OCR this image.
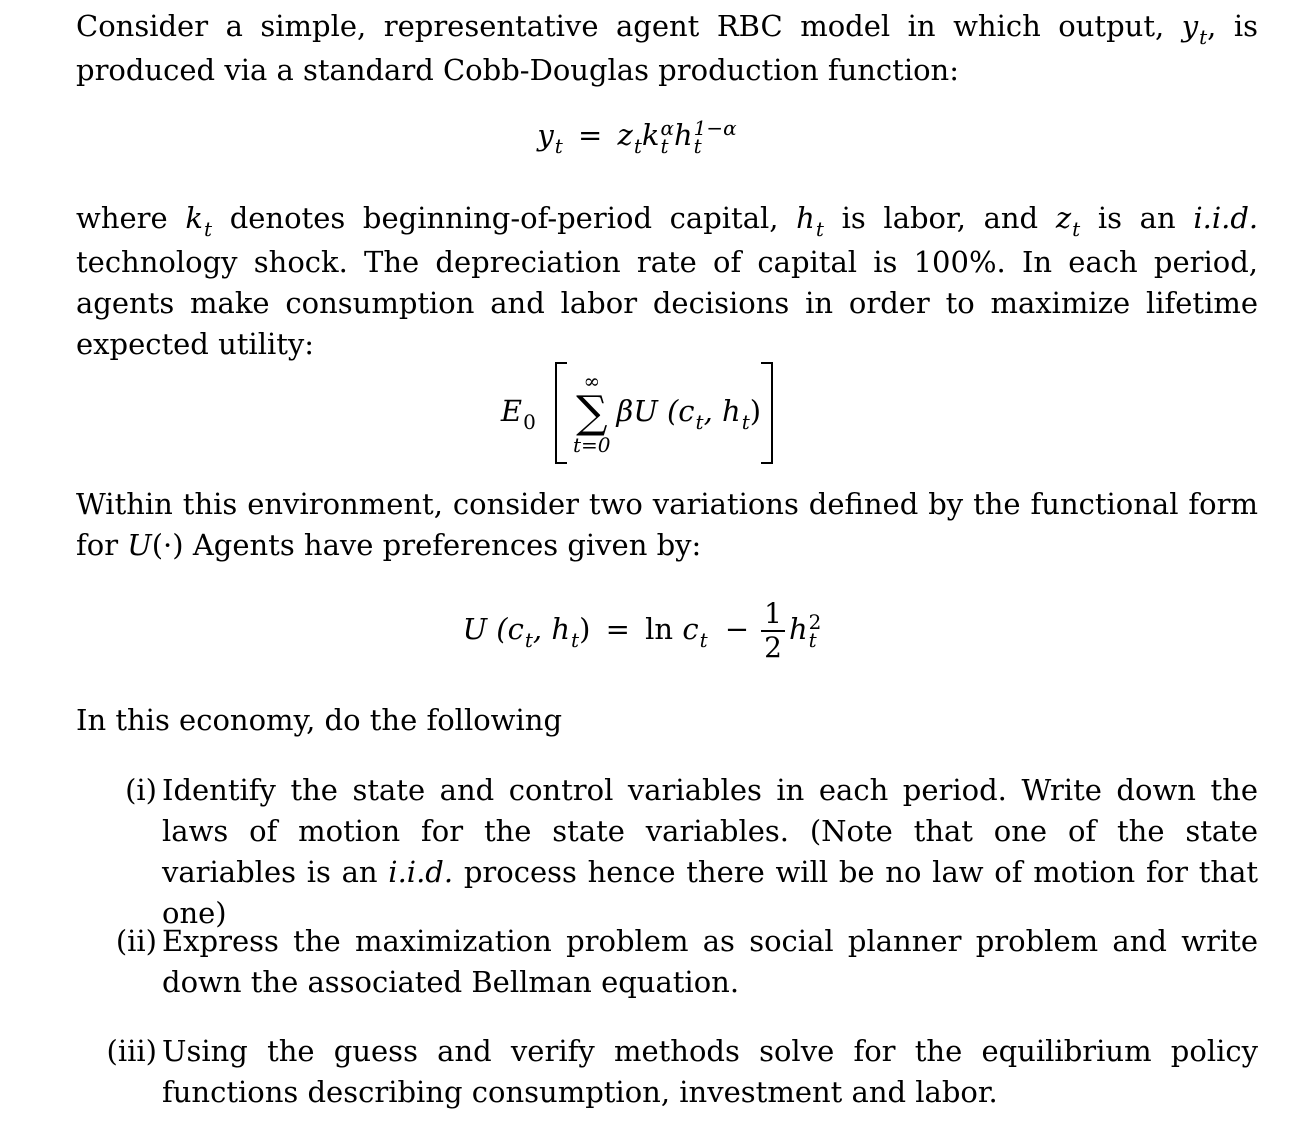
Consider a simple, representative agent RBC model in which output, $y_t$, is produced via a standard Cobb-Douglas production function:

$y_t = z_tk$ α
t h 1−α
t

where $k_t$ denotes beginning-of-period capital, $h_t$ is labor, and $z_t$ is an i.i.d. technology shock. The depreciation rate of capital is 100%. In each period, agents make consumption and labor decisions in order to maximize lifetime expected utility:

$E_0$
∞
∑
t=0
βU ($c_t$, $h_t$)

Within this environment, consider two variations defined by the functional form for U(·) Agents have preferences given by:

U ($c_t$, $h_t) = \ln c_t - \frac{1}{2}$ h 2
t

In this economy, do the following

(i) Identify the state and control variables in each period. Write down the laws of motion for the state variables. (Note that one of the state variables is an i.i.d. process hence there will be no law of motion for that one)
(ii) Express the maximization problem as social planner problem and write down the associated Bellman equation.
(iii) Using the guess and verify methods solve for the equilibrium policy functions describing consumption, investment and labor.
